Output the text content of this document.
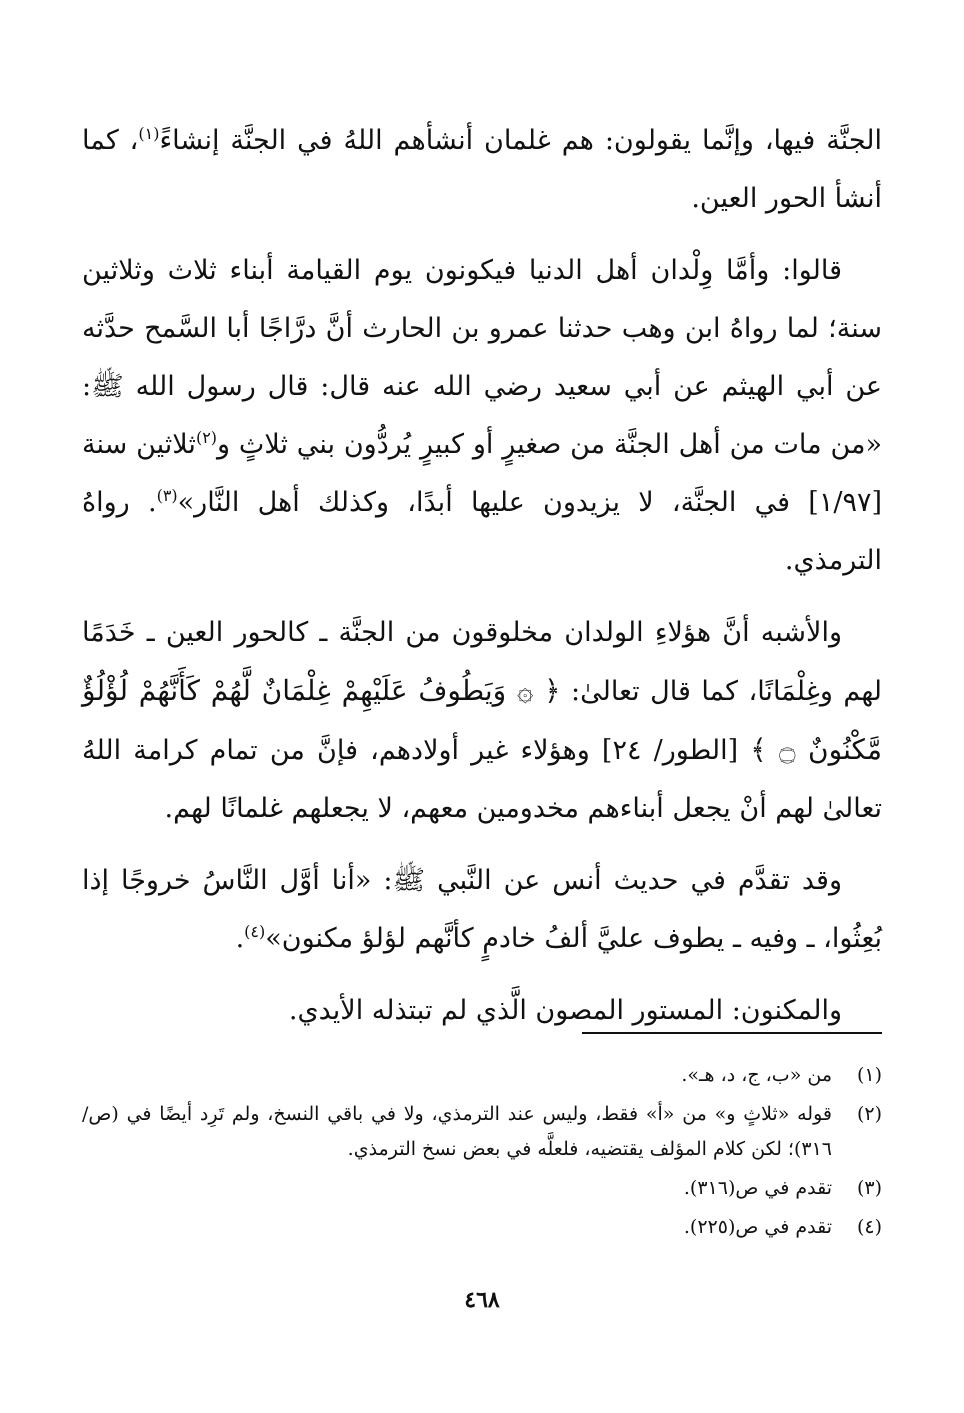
الجنَّة فيها، وإنَّما يقولون: هم غلمان أنشأهم اللهُ في الجنَّة إنشاءً$^{(١)}$، كما أنشأ الحور العين.

قالوا: وأمَّا وِلْدان أهل الدنيا فيكونون يوم القيامة أبناء ثلاث وثلاثين سنة؛ لما رواهُ ابن وهب حدثنا عمرو بن الحارث أنَّ درَّاجًا أبا السَّمح حدَّثه عن أبي الهيثم عن أبي سعيد رضي الله عنه قال: قال رسول الله ﷺ: «من مات من أهل الجنَّة من صغيرٍ أو كبيرٍ يُردُّون بني ثلاثٍ و$^{(٢)}$ثلاثين سنة [١/٩٧] في الجنَّة، لا يزيدون عليها أبدًا، وكذلك أهل النَّار»$^{(٣)}$. رواهُ الترمذي.

والأشبه أنَّ هؤلاءِ الولدان مخلوقون من الجنَّة ـ كالحور العين ـ خَدَمًا لهم وغِلْمَانًا، كما قال تعالىٰ: ﴿ ۞ وَيَطُوفُ عَلَيْهِمْ غِلْمَانٌ لَّهُمْ كَأَنَّهُمْ لُؤْلُؤٌ مَّكْنُونٌ ۝ ﴾ [الطور/ ٢٤] وهؤلاء غير أولادهم، فإنَّ من تمام كرامة اللهُ تعالىٰ لهم أنْ يجعل أبناءهم مخدومين معهم، لا يجعلهم غلمانًا لهم.

وقد تقدَّم في حديث أنس عن النَّبي ﷺ: «أنا أوَّل النَّاسُ خروجًا إذا بُعِثُوا، ـ وفيه ـ يطوف عليَّ ألفُ خادمٍ كأنَّهم لؤلؤ مكنون»$^{(٤)}$.

والمكنون: المستور المصون الَّذي لم تبتذله الأيدي.

(١)
من «ب، ج، د، هـ».
(٢)
قوله «ثلاثٍ و» من «أ» فقط، وليس عند الترمذي، ولا في باقي النسخ، ولم تَرِد أيضًا في (ص/ ٣١٦)؛ لكن كلام المؤلف يقتضيه، فلعلَّه في بعض نسخ الترمذي.
(٣)
تقدم في ص(٣١٦).
(٤)
تقدم في ص(٢٢٥).
٤٦٨
